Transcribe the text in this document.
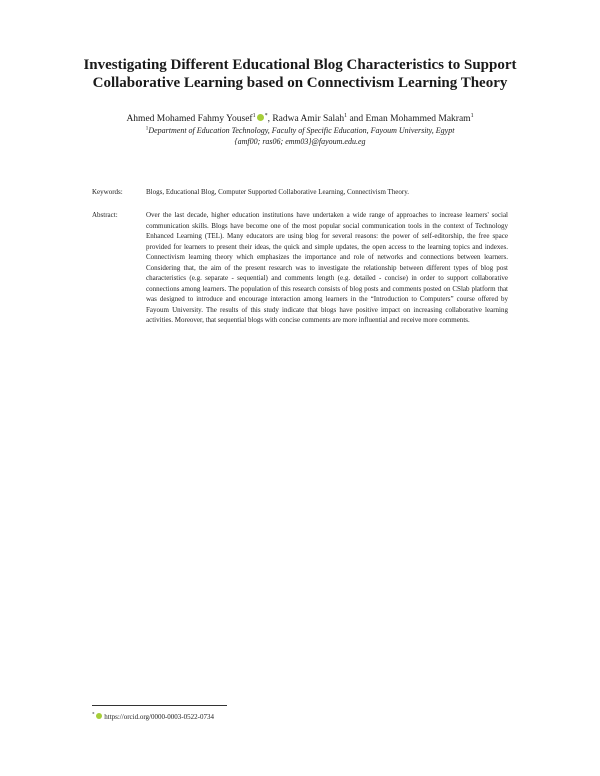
Investigating Different Educational Blog Characteristics to Support Collaborative Learning based on Connectivism Learning Theory
Ahmed Mohamed Fahmy Yousef$^1$ *, Radwa Amir Salah$^1$ and Eman Mohammed Makram$^1$
$^1$Department of Education Technology, Faculty of Specific Education, Fayoum University, Egypt
{amf00; ras06; emm03}@fayoum.edu.eg
Keywords:	Blogs, Educational Blog, Computer Supported Collaborative Learning, Connectivism Theory.
Abstract:	Over the last decade, higher education institutions have undertaken a wide range of approaches to increase learners' social communication skills. Blogs have become one of the most popular social communication tools in the context of Technology Enhanced Learning (TEL). Many educators are using blog for several reasons: the power of self-editorship, the free space provided for learners to present their ideas, the quick and simple updates, the open access to the learning topics and indexes. Connectivism learning theory which emphasizes the importance and role of networks and connections between learners. Considering that, the aim of the present research was to investigate the relationship between different types of blog post characteristics (e.g. separate - sequential) and comments length (e.g. detailed - concise) in order to support collaborative connections among learners. The population of this research consists of blog posts and comments posted on CSlab platform that was designed to introduce and encourage interaction among learners in the “Introduction to Computers” course offered by Fayoum University. The results of this study indicate that blogs have positive impact on increasing collaborative learning activities. Moreover, that sequential blogs with concise comments are more influential and receive more comments.
* https://orcid.org/0000-0003-0522-0734
